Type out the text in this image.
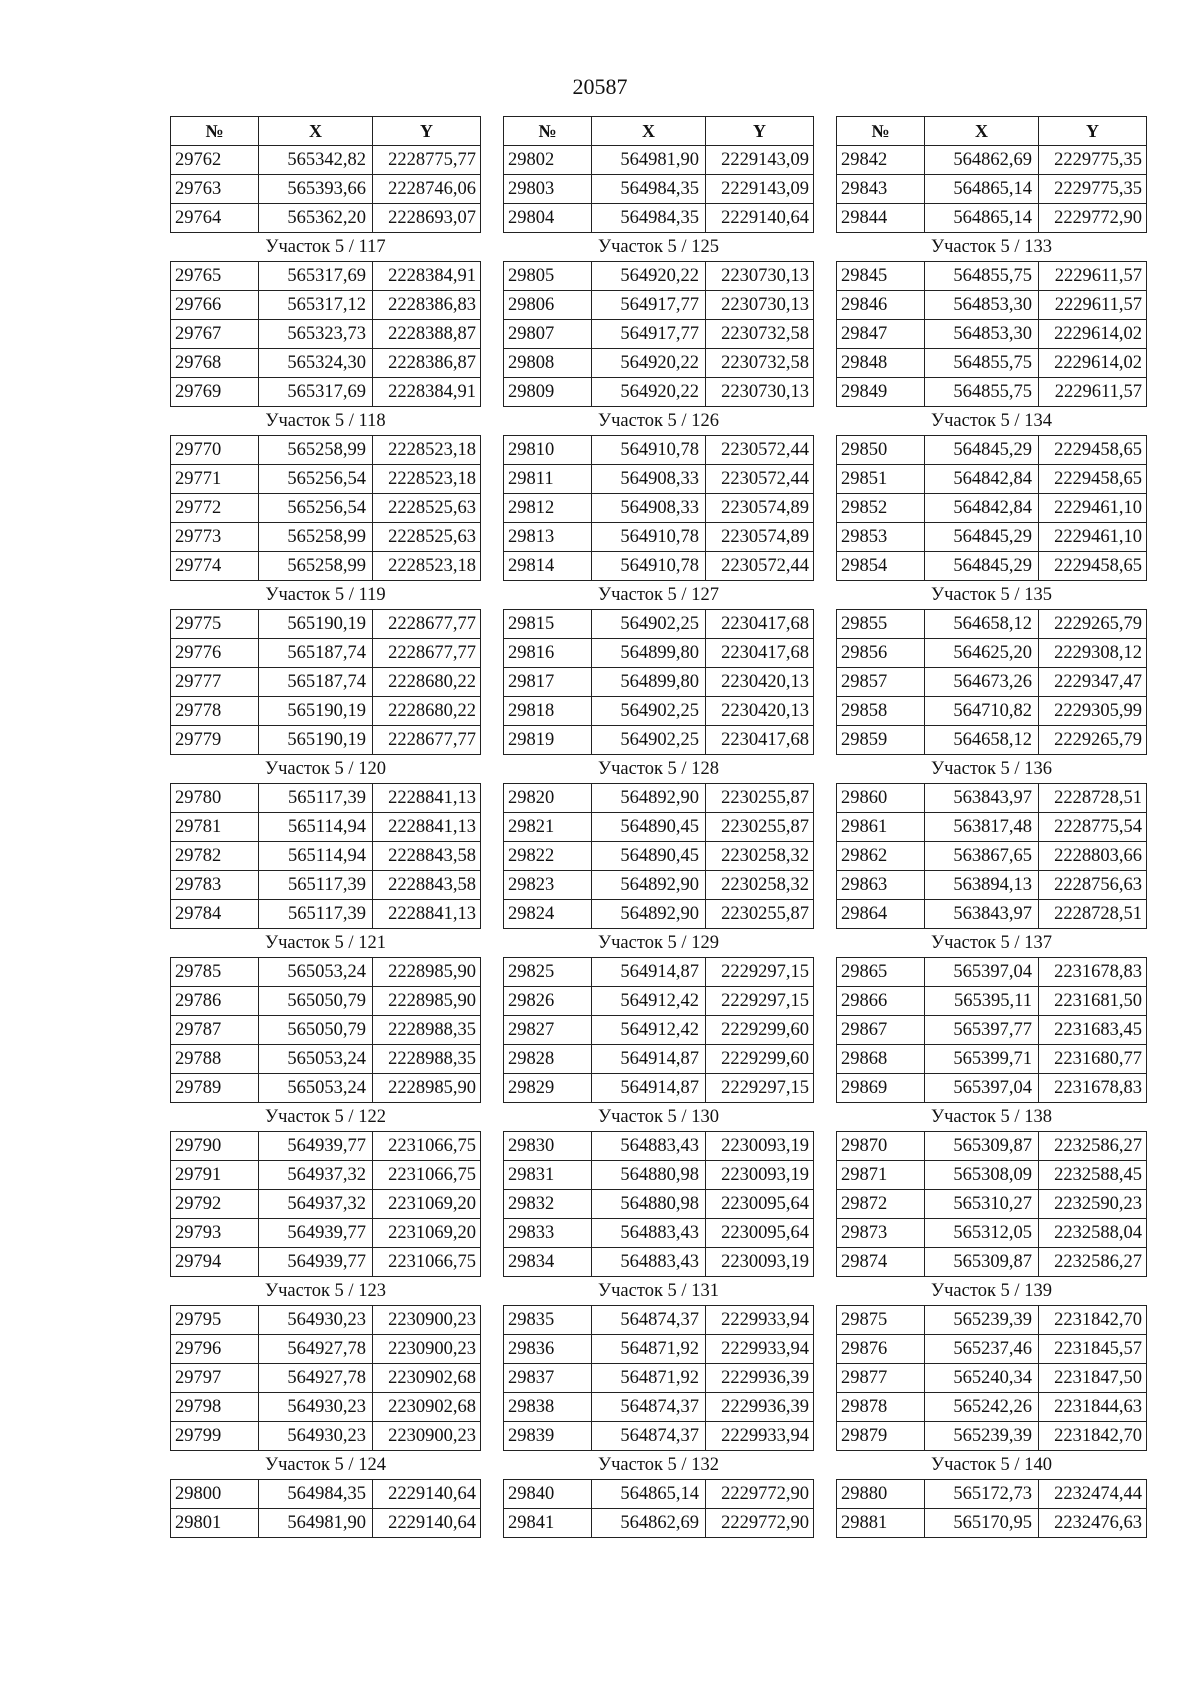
20587
№	X	Y
29762	565342,82	2228775,77
29763	565393,66	2228746,06
29764	565362,20	2228693,07
Участок 5 / 117		
29765	565317,69	2228384,91
29766	565317,12	2228386,83
29767	565323,73	2228388,87
29768	565324,30	2228386,87
29769	565317,69	2228384,91
Участок 5 / 118		
29770	565258,99	2228523,18
29771	565256,54	2228523,18
29772	565256,54	2228525,63
29773	565258,99	2228525,63
29774	565258,99	2228523,18
Участок 5 / 119		
29775	565190,19	2228677,77
29776	565187,74	2228677,77
29777	565187,74	2228680,22
29778	565190,19	2228680,22
29779	565190,19	2228677,77
Участок 5 / 120		
29780	565117,39	2228841,13
29781	565114,94	2228841,13
29782	565114,94	2228843,58
29783	565117,39	2228843,58
29784	565117,39	2228841,13
Участок 5 / 121		
29785	565053,24	2228985,90
29786	565050,79	2228985,90
29787	565050,79	2228988,35
29788	565053,24	2228988,35
29789	565053,24	2228985,90
Участок 5 / 122		
29790	564939,77	2231066,75
29791	564937,32	2231066,75
29792	564937,32	2231069,20
29793	564939,77	2231069,20
29794	564939,77	2231066,75
Участок 5 / 123		
29795	564930,23	2230900,23
29796	564927,78	2230900,23
29797	564927,78	2230902,68
29798	564930,23	2230902,68
29799	564930,23	2230900,23
Участок 5 / 124		
29800	564984,35	2229140,64
29801	564981,90	2229140,64
№	X	Y
29802	564981,90	2229143,09
29803	564984,35	2229143,09
29804	564984,35	2229140,64
Участок 5 / 125		
29805	564920,22	2230730,13
29806	564917,77	2230730,13
29807	564917,77	2230732,58
29808	564920,22	2230732,58
29809	564920,22	2230730,13
Участок 5 / 126		
29810	564910,78	2230572,44
29811	564908,33	2230572,44
29812	564908,33	2230574,89
29813	564910,78	2230574,89
29814	564910,78	2230572,44
Участок 5 / 127		
29815	564902,25	2230417,68
29816	564899,80	2230417,68
29817	564899,80	2230420,13
29818	564902,25	2230420,13
29819	564902,25	2230417,68
Участок 5 / 128		
29820	564892,90	2230255,87
29821	564890,45	2230255,87
29822	564890,45	2230258,32
29823	564892,90	2230258,32
29824	564892,90	2230255,87
Участок 5 / 129		
29825	564914,87	2229297,15
29826	564912,42	2229297,15
29827	564912,42	2229299,60
29828	564914,87	2229299,60
29829	564914,87	2229297,15
Участок 5 / 130		
29830	564883,43	2230093,19
29831	564880,98	2230093,19
29832	564880,98	2230095,64
29833	564883,43	2230095,64
29834	564883,43	2230093,19
Участок 5 / 131		
29835	564874,37	2229933,94
29836	564871,92	2229933,94
29837	564871,92	2229936,39
29838	564874,37	2229936,39
29839	564874,37	2229933,94
Участок 5 / 132		
29840	564865,14	2229772,90
29841	564862,69	2229772,90
№	X	Y
29842	564862,69	2229775,35
29843	564865,14	2229775,35
29844	564865,14	2229772,90
Участок 5 / 133		
29845	564855,75	2229611,57
29846	564853,30	2229611,57
29847	564853,30	2229614,02
29848	564855,75	2229614,02
29849	564855,75	2229611,57
Участок 5 / 134		
29850	564845,29	2229458,65
29851	564842,84	2229458,65
29852	564842,84	2229461,10
29853	564845,29	2229461,10
29854	564845,29	2229458,65
Участок 5 / 135		
29855	564658,12	2229265,79
29856	564625,20	2229308,12
29857	564673,26	2229347,47
29858	564710,82	2229305,99
29859	564658,12	2229265,79
Участок 5 / 136		
29860	563843,97	2228728,51
29861	563817,48	2228775,54
29862	563867,65	2228803,66
29863	563894,13	2228756,63
29864	563843,97	2228728,51
Участок 5 / 137		
29865	565397,04	2231678,83
29866	565395,11	2231681,50
29867	565397,77	2231683,45
29868	565399,71	2231680,77
29869	565397,04	2231678,83
Участок 5 / 138		
29870	565309,87	2232586,27
29871	565308,09	2232588,45
29872	565310,27	2232590,23
29873	565312,05	2232588,04
29874	565309,87	2232586,27
Участок 5 / 139		
29875	565239,39	2231842,70
29876	565237,46	2231845,57
29877	565240,34	2231847,50
29878	565242,26	2231844,63
29879	565239,39	2231842,70
Участок 5 / 140		
29880	565172,73	2232474,44
29881	565170,95	2232476,63
